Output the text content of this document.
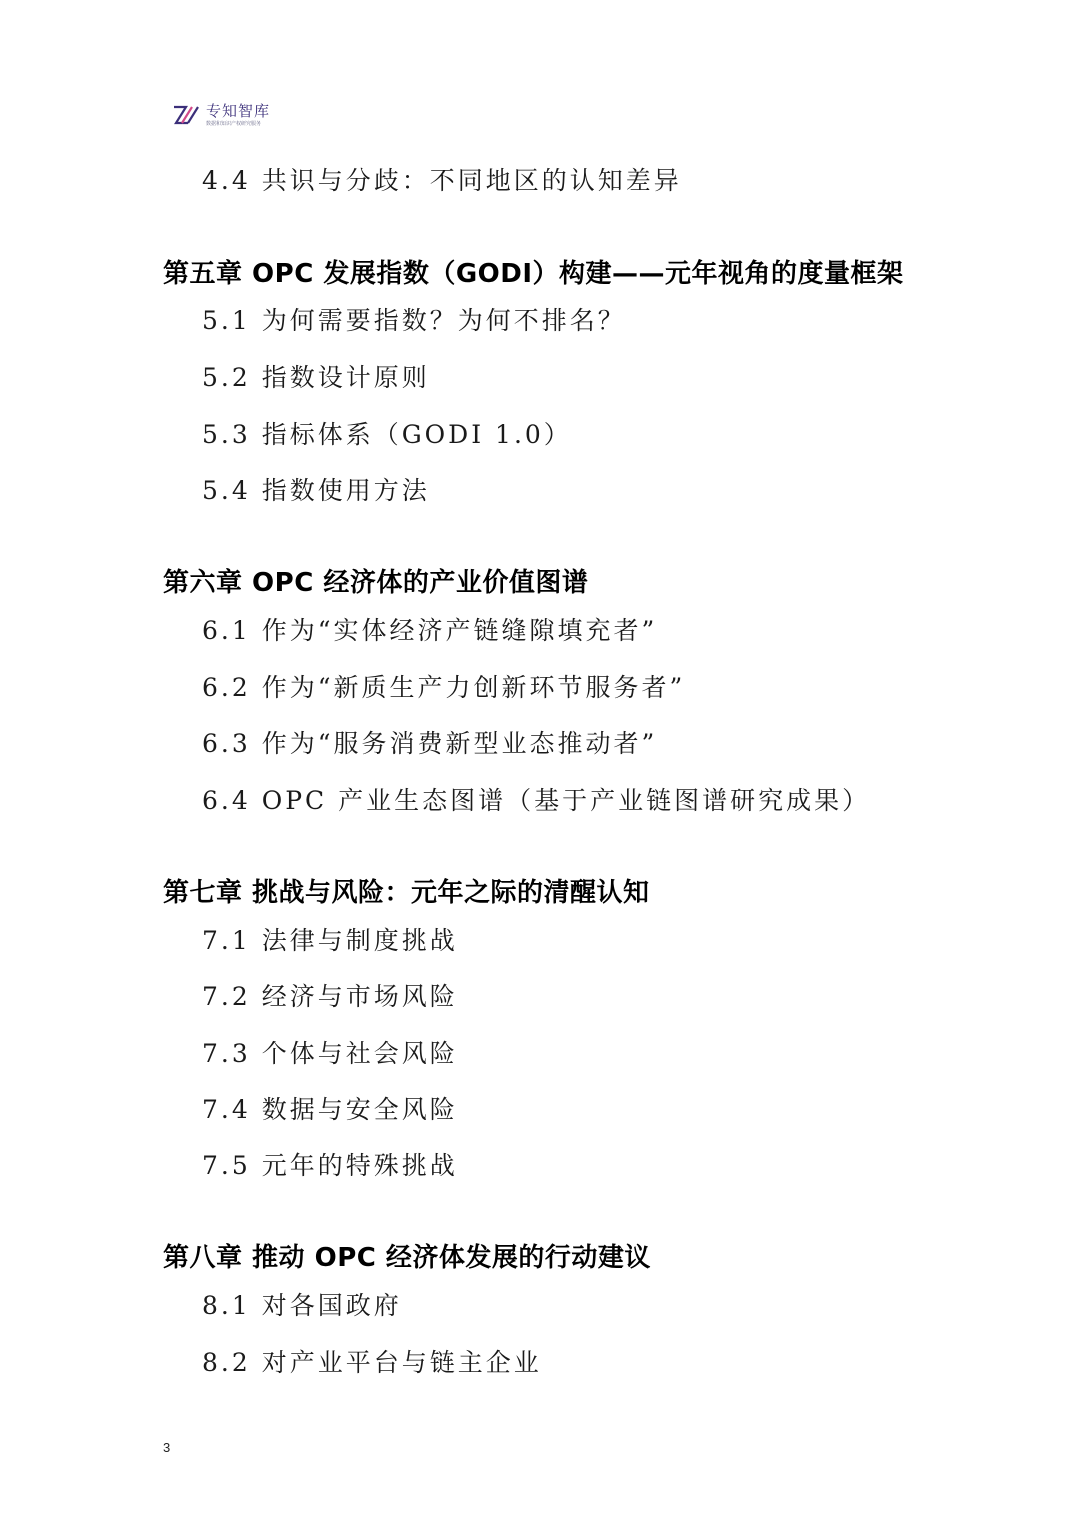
专知智库
数据和知识产权研究服务
4.4 共识与分歧：不同地区的认知差异
第五章 OPC 发展指数（GODI）构建——元年视角的度量框架
5.1 为何需要指数？为何不排名？
5.2 指数设计原则
5.3 指标体系（GODI 1.0）
5.4 指数使用方法
第六章 OPC 经济体的产业价值图谱
6.1 作为“实体经济产链缝隙填充者”
6.2 作为“新质生产力创新环节服务者”
6.3 作为“服务消费新型业态推动者”
6.4 OPC 产业生态图谱（基于产业链图谱研究成果）
第七章 挑战与风险：元年之际的清醒认知
7.1 法律与制度挑战
7.2 经济与市场风险
7.3 个体与社会风险
7.4 数据与安全风险
7.5 元年的特殊挑战
第八章 推动 OPC 经济体发展的行动建议
8.1 对各国政府
8.2 对产业平台与链主企业
3
